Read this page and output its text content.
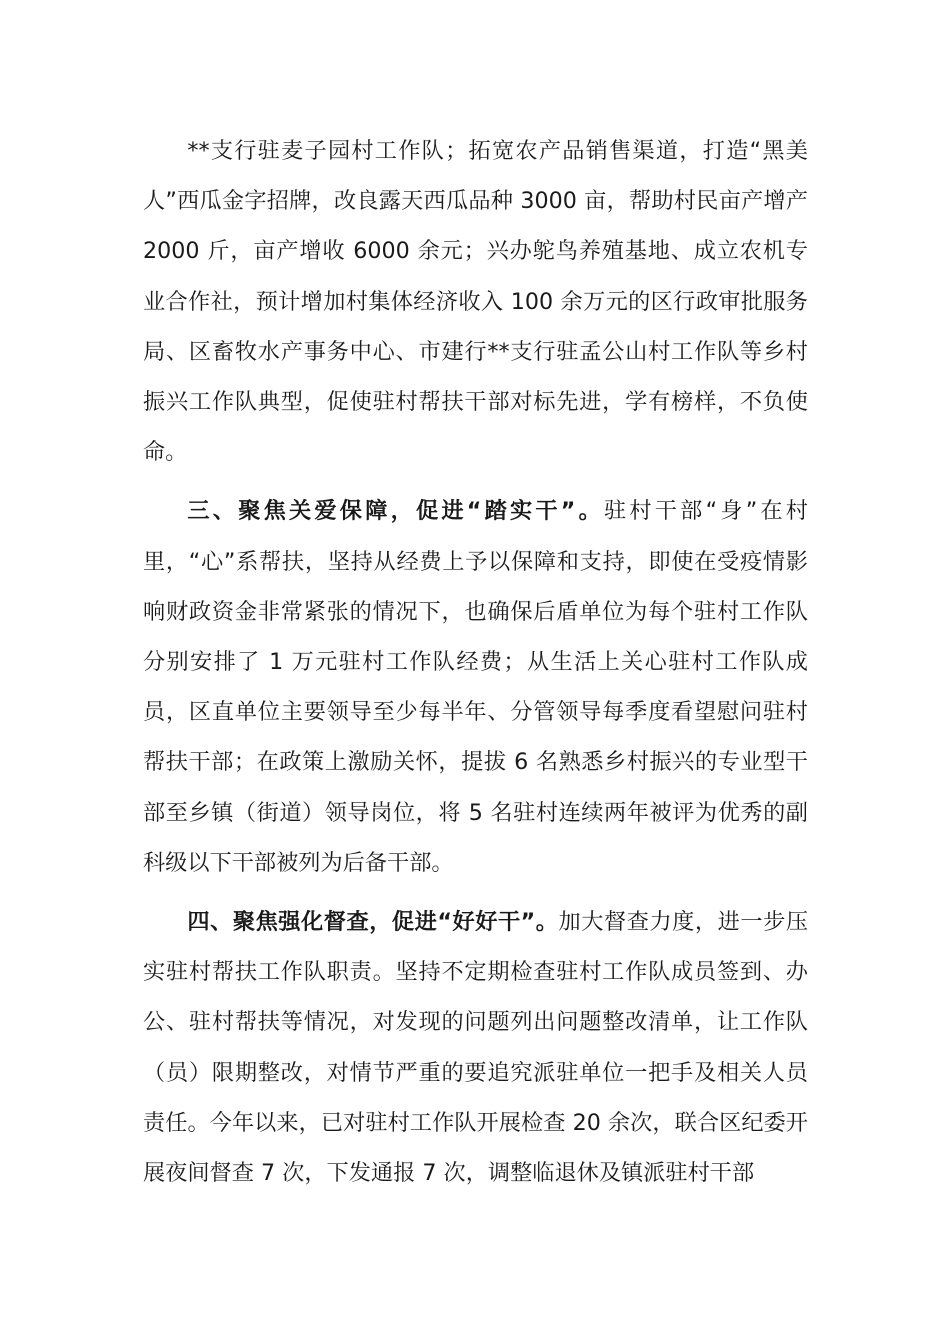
**支行驻麦子园村工作队；拓宽农产品销售渠道，打造“黑美人”西瓜金字招牌，改良露天西瓜品种 3000 亩，帮助村民亩产增产 2000 斤，亩产增收 6000 余元；兴办鸵鸟养殖基地、成立农机专业合作社，预计增加村集体经济收入 100 余万元的区行政审批服务局、区畜牧水产事务中心、市建行**支行驻孟公山村工作队等乡村振兴工作队典型，促使驻村帮扶干部对标先进，学有榜样，不负使命。

三、聚焦关爱保障，促进“踏实干”。驻村干部“身”在村里，“心”系帮扶，坚持从经费上予以保障和支持，即使在受疫情影响财政资金非常紧张的情况下，也确保后盾单位为每个驻村工作队分别安排了 1 万元驻村工作队经费；从生活上关心驻村工作队成员，区直单位主要领导至少每半年、分管领导每季度看望慰问驻村帮扶干部；在政策上激励关怀，提拔 6 名熟悉乡村振兴的专业型干部至乡镇（街道）领导岗位，将 5 名驻村连续两年被评为优秀的副科级以下干部被列为后备干部。

四、聚焦强化督查，促进“好好干”。加大督查力度，进一步压实驻村帮扶工作队职责。坚持不定期检查驻村工作队成员签到、办公、驻村帮扶等情况，对发现的问题列出问题整改清单，让工作队（员）限期整改，对情节严重的要追究派驻单位一把手及相关人员责任。今年以来，已对驻村工作队开展检查 20 余次，联合区纪委开展夜间督查 7 次，下发通报 7 次，调整临退休及镇派驻村干部
